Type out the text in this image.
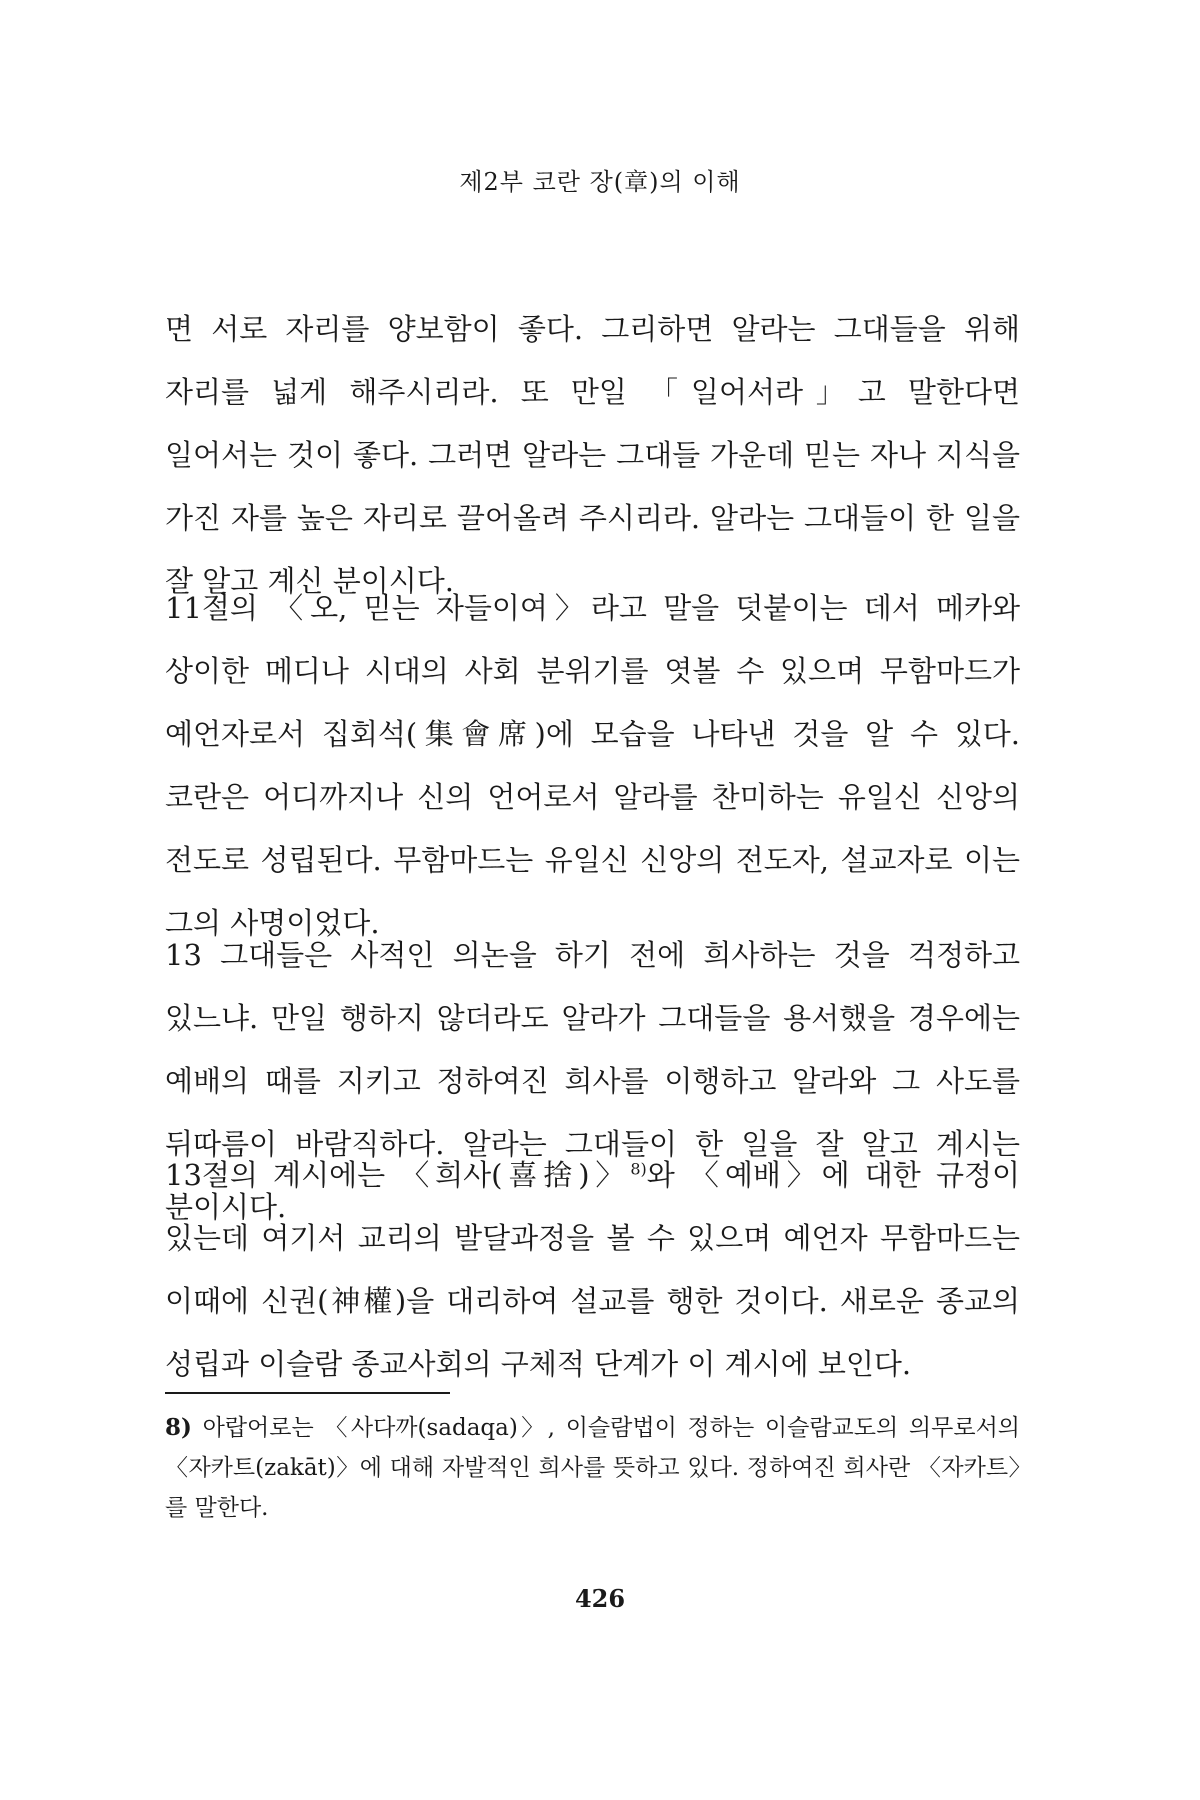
제2부 코란 장(章)의 이해

면 서로 자리를 양보함이 좋다. 그리하면 알라는 그대들을 위해 자리를 넓게 해주시리라. 또 만일 「일어서라」고 말한다면 일어서는 것이 좋다. 그러면 알라는 그대들 가운데 믿는 자나 지식을 가진 자를 높은 자리로 끌어올려 주시리라. 알라는 그대들이 한 일을 잘 알고 계신 분이시다.

11절의 〈오, 믿는 자들이여〉라고 말을 덧붙이는 데서 메카와 상이한 메디나 시대의 사회 분위기를 엿볼 수 있으며 무함마드가 예언자로서 집회석(集會席)에 모습을 나타낸 것을 알 수 있다. 코란은 어디까지나 신의 언어로서 알라를 찬미하는 유일신 신앙의 전도로 성립된다. 무함마드는 유일신 신앙의 전도자, 설교자로 이는 그의 사명이었다.

13 그대들은 사적인 의논을 하기 전에 희사하는 것을 걱정하고 있느냐. 만일 행하지 않더라도 알라가 그대들을 용서했을 경우에는 예배의 때를 지키고 정하여진 희사를 이행하고 알라와 그 사도를 뒤따름이 바람직하다. 알라는 그대들이 한 일을 잘 알고 계시는 분이시다.

13절의 계시에는 〈희사(喜捨)〉$^{8)}$와 〈예배〉에 대한 규정이 있는데 여기서 교리의 발달과정을 볼 수 있으며 예언자 무함마드는 이때에 신권(神權)을 대리하여 설교를 행한 것이다. 새로운 종교의 성립과 이슬람 종교사회의 구체적 단계가 이 계시에 보인다.

8) 아랍어로는 〈사다까(sadaqa)〉, 이슬람법이 정하는 이슬람교도의 의무로서의 〈자카트(zakāt)〉에 대해 자발적인 희사를 뜻하고 있다. 정하여진 희사란 〈자카트〉를 말한다.

426
